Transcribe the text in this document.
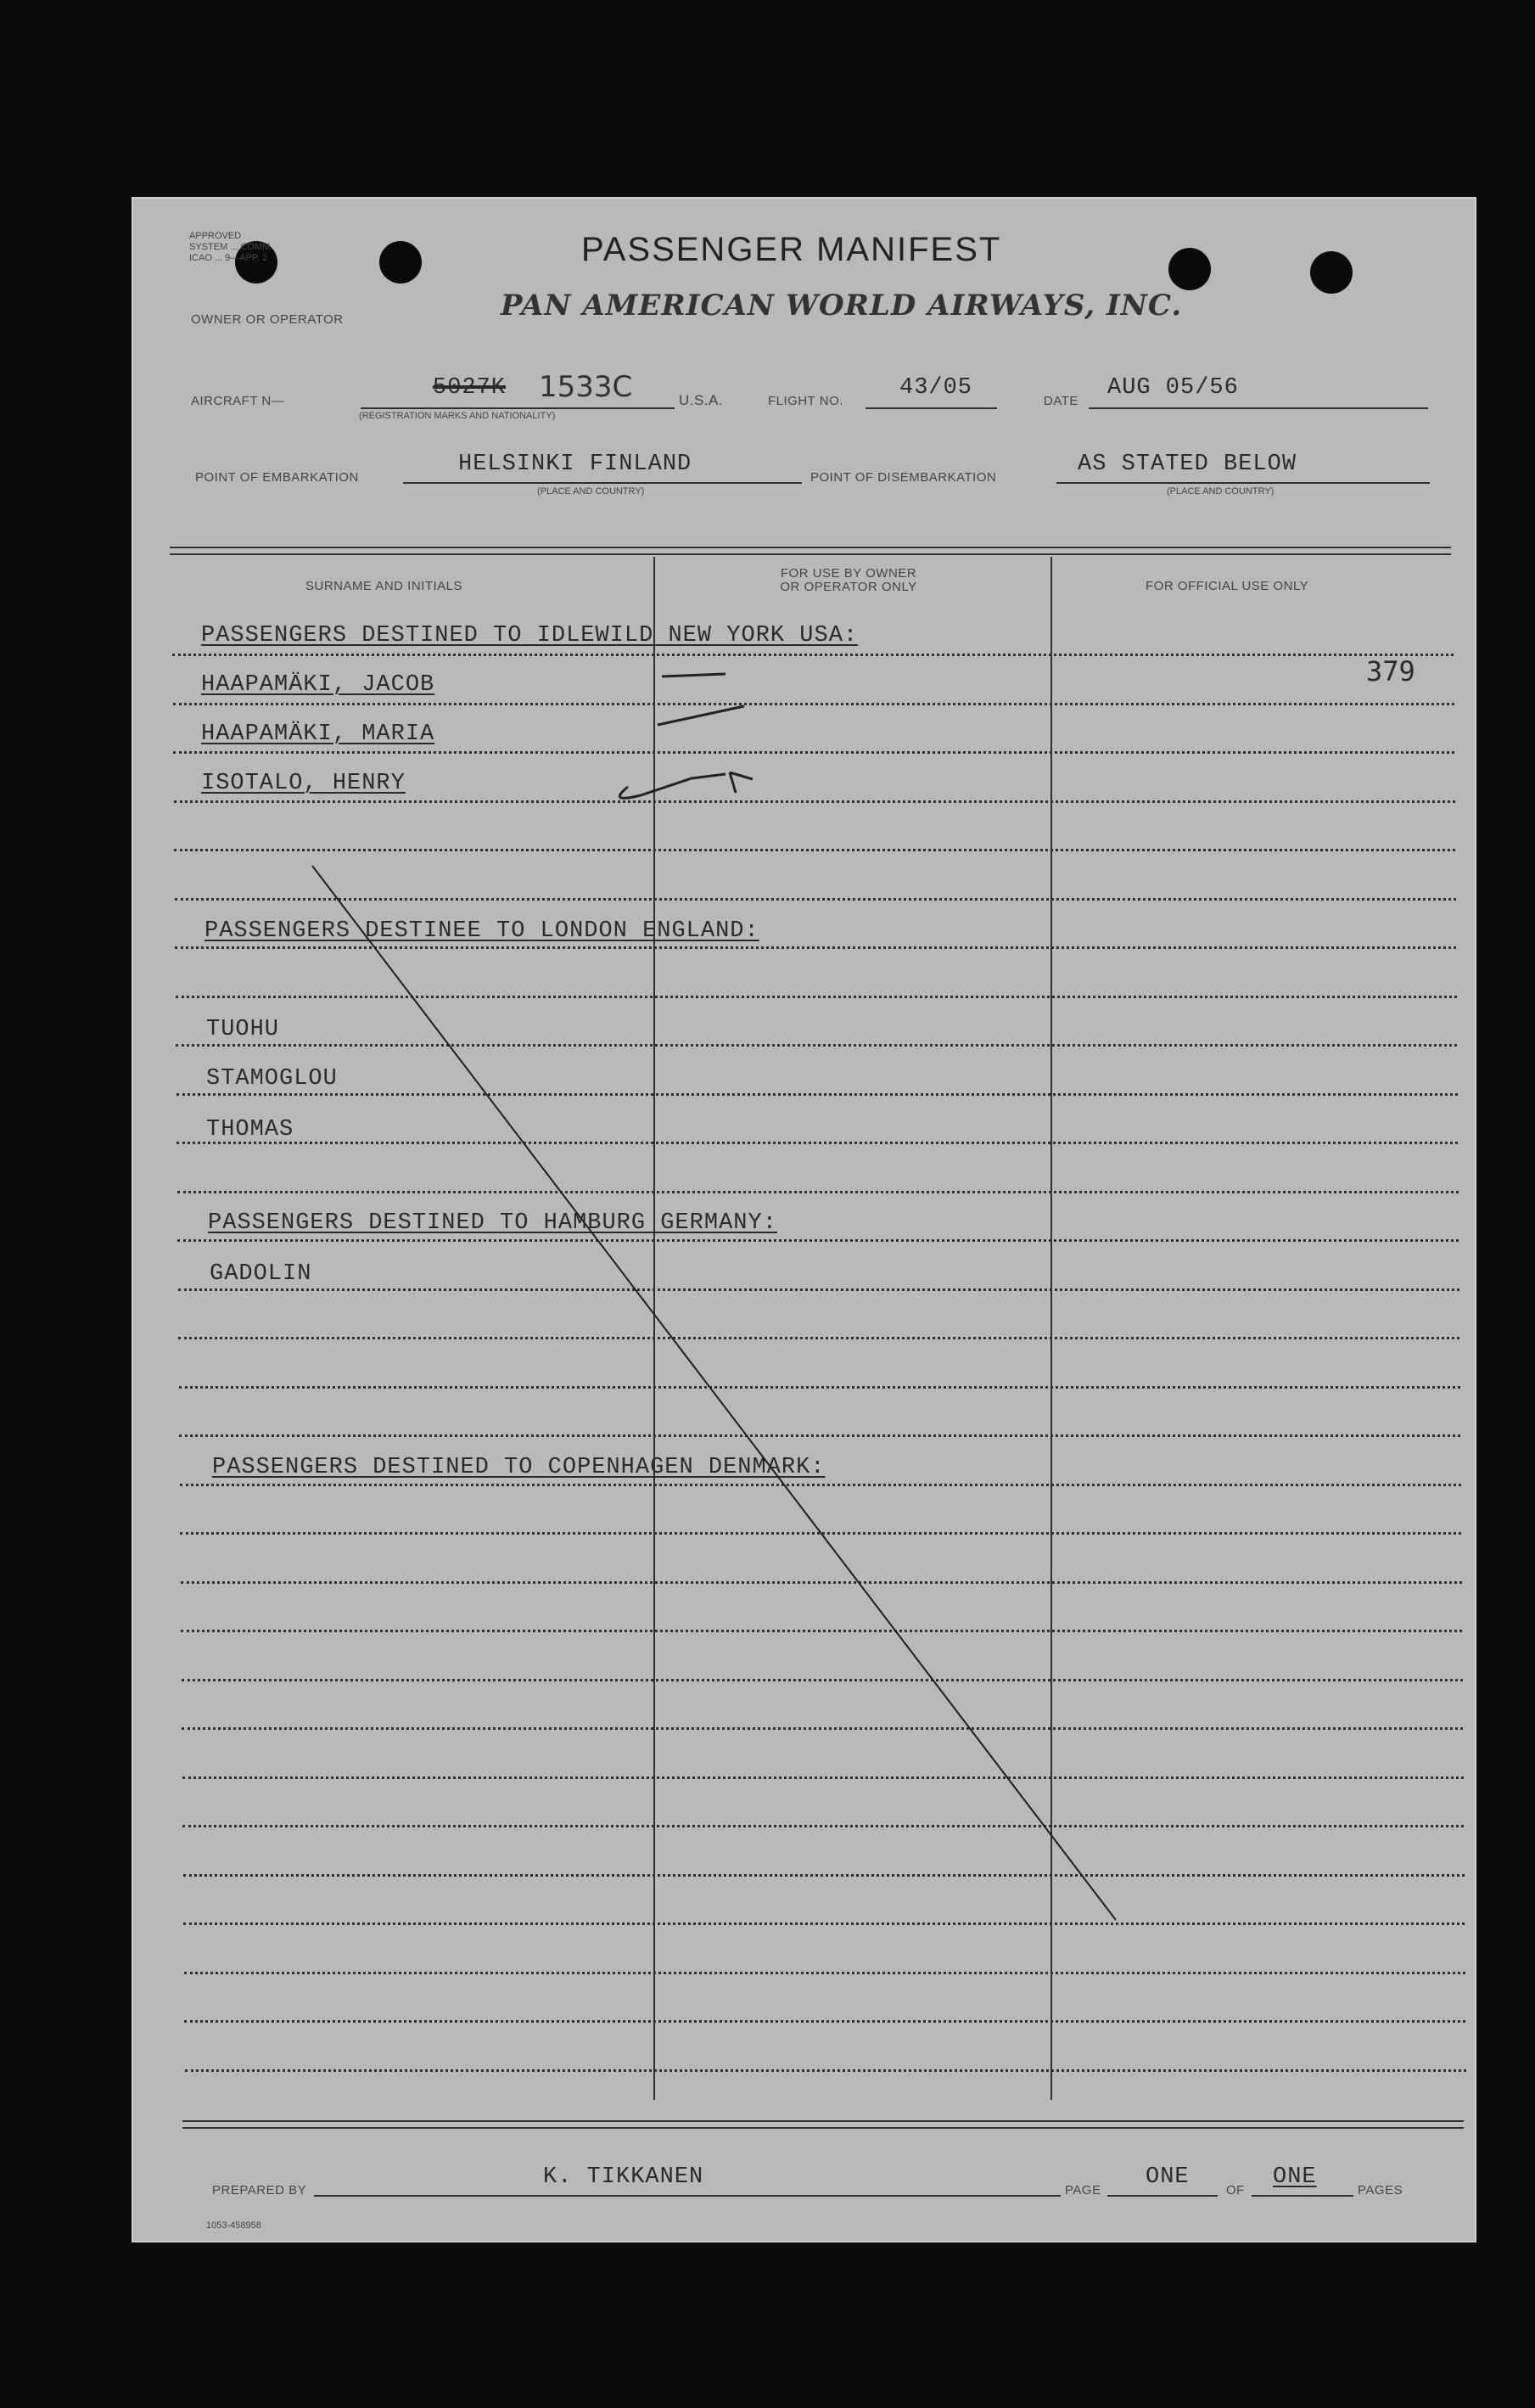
APPROVED
SYSTEM ... COMM.
ICAO ... 9—APP. 2	PASSENGER MANIFEST
PAN AMERICAN WORLD AIRWAYS, INC.
OWNER OR OPERATOR
AIRCRAFT N—
5027K 1533C
(REGISTRATION MARKS AND NATIONALITY)
U.S.A.	FLIGHT NO.
43/05
DATE
AUG 05/56
POINT OF EMBARKATION
HELSINKI FINLAND
(PLACE AND COUNTRY)
POINT OF DISEMBARKATION
AS STATED BELOW
(PLACE AND COUNTRY)
SURNAME AND INITIALS
FOR USE BY OWNER
OR OPERATOR ONLY	FOR OFFICIAL USE ONLY
PASSENGERS DESTINED TO IDLEWILD NEW YORK USA:
HAAPAMÄKI, JACOB
HAAPAMÄKI, MARIA
ISOTALO, HENRY
PASSENGERS DESTINEE TO LONDON ENGLAND:
TUOHU
STAMOGLOU
THOMAS
PASSENGERS DESTINED TO HAMBURG GERMANY:
GADOLIN
PASSENGERS DESTINED TO COPENHAGEN DENMARK:
379
PREPARED BY
K. TIKKANEN
PAGE
ONE
OF
ONE
PAGES
1053-458958
